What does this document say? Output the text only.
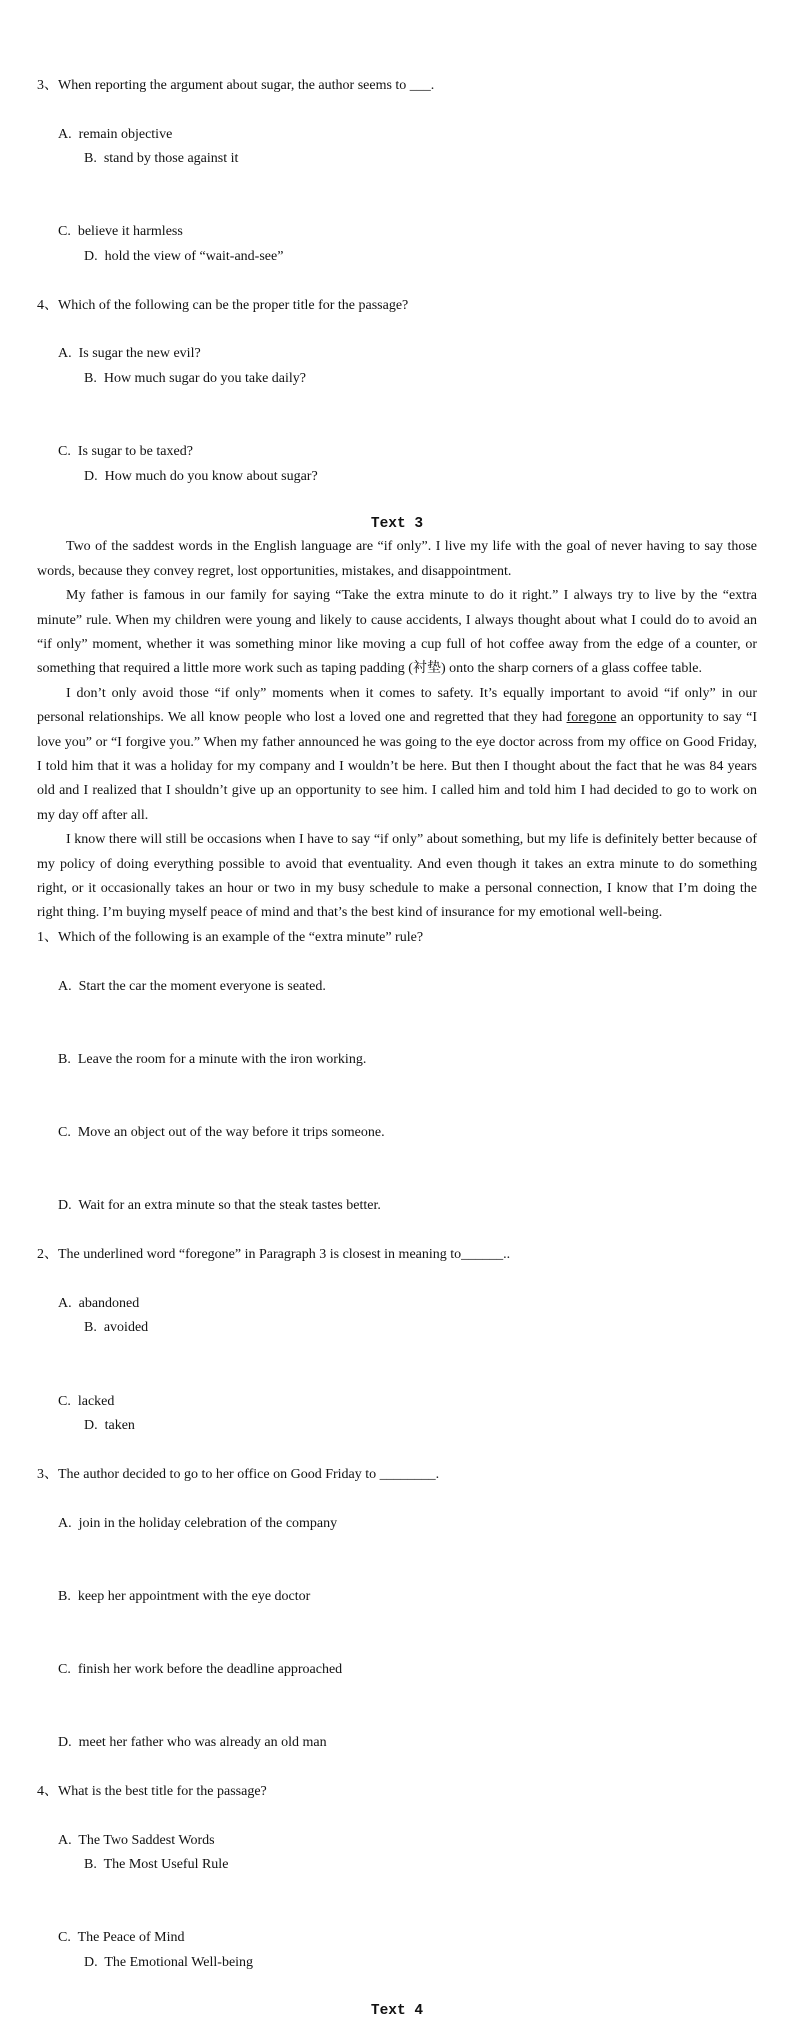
3、When reporting the argument about sugar, the author seems to ___.

A.  remain objective
B.  stand by those against it

C.  believe it harmless
D.  hold the view of “wait-and-see”

4、Which of the following can be the proper title for the passage?

A.  Is sugar the new evil?
B.  How much sugar do you take daily?

C.  Is sugar to be taxed?
D.  How much do you know about sugar?

Text 3

Two of the saddest words in the English language are “if only”. I live my life with the goal of never having to say those words, because they convey regret, lost opportunities, mistakes, and disappointment.

My father is famous in our family for saying “Take the extra minute to do it right.” I always try to live by the “extra minute” rule. When my children were young and likely to cause accidents, I always thought about what I could do to avoid an “if only” moment, whether it was something minor like moving a cup full of hot coffee away from the edge of a counter, or something that required a little more work such as taping padding (衬垫) onto the sharp corners of a glass coffee table.

I don’t only avoid those “if only” moments when it comes to safety. It’s equally important to avoid “if only” in our personal relationships. We all know people who lost a loved one and regretted that they had foregone an opportunity to say “I love you” or “I forgive you.” When my father announced he was going to the eye doctor across from my office on Good Friday, I told him that it was a holiday for my company and I wouldn’t be here. But then I thought about the fact that he was 84 years old and I realized that I shouldn’t give up an opportunity to see him. I called him and told him I had decided to go to work on my day off after all.

I know there will still be occasions when I have to say “if only” about something, but my life is definitely better because of my policy of doing everything possible to avoid that eventuality. And even though it takes an extra minute to do something right, or it occasionally takes an hour or two in my busy schedule to make a personal connection, I know that I’m doing the right thing. I’m buying myself peace of mind and that’s the best kind of insurance for my emotional well-being.

1、Which of the following is an example of the “extra minute” rule?

A.  Start the car the moment everyone is seated.

B.  Leave the room for a minute with the iron working.

C.  Move an object out of the way before it trips someone.

D.  Wait for an extra minute so that the steak tastes better.

2、The underlined word “foregone” in Paragraph 3 is closest in meaning to______..

A.  abandoned
B.  avoided

C.  lacked
D.  taken

3、The author decided to go to her office on Good Friday to ________.

A.  join in the holiday celebration of the company

B.  keep her appointment with the eye doctor

C.  finish her work before the deadline approached

D.  meet her father who was already an old man

4、What is the best title for the passage?

A.  The Two Saddest Words
B.  The Most Useful Rule

C.  The Peace of Mind
D.  The Emotional Well-being

Text 4
